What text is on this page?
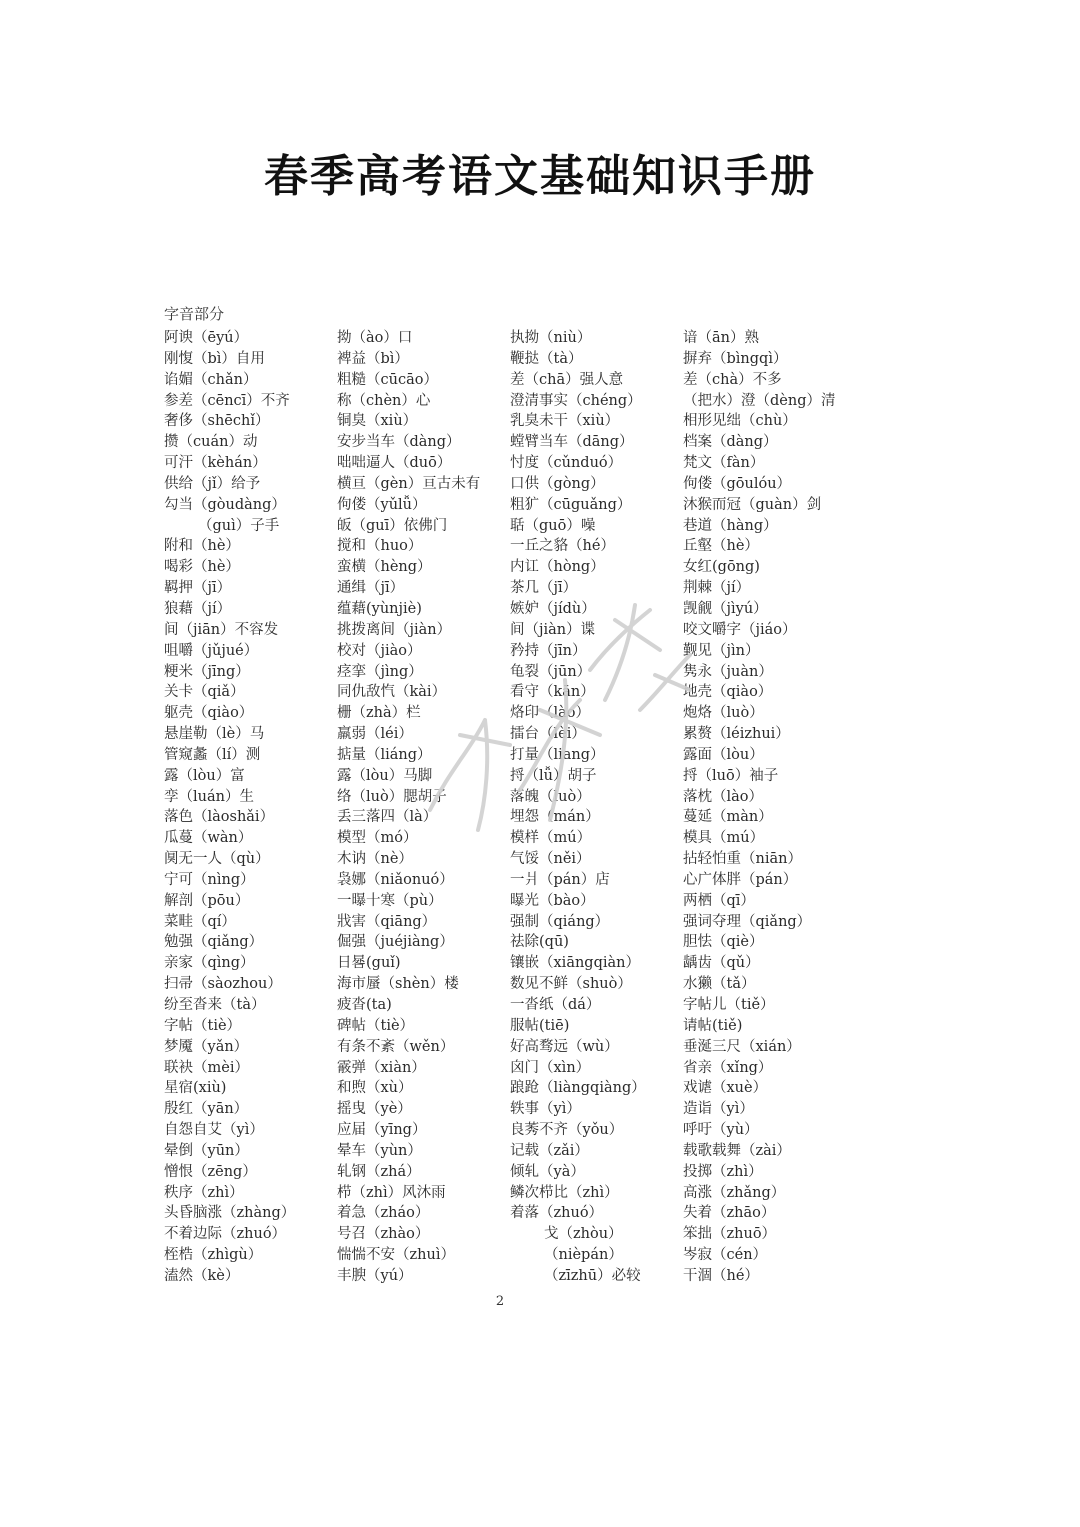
春季高考语文基础知识手册
字音部分
阿谀（ēyú）
刚愎（bì）自用
谄媚（chǎn）
参差（cēncī）不齐
奢侈（shēchǐ）
攒（cuán）动
可汗（kèhán）
供给（jǐ）给予
勾当（gòudàng）
（guì）子手
附和（hè）
喝彩（hè）
羁押（jī）
狼藉（jí）
间（jiān）不容发
咀嚼（jǔjué）
粳米（jīng）
关卡（qiǎ）
躯壳（qiào）
悬崖勒（lè）马
管窥蠡（lí）测
露（lòu）富
孪（luán）生
落色（làoshǎi）
瓜蔓（wàn）
阒无一人（qù）
宁可（nìng）
解剖（pōu）
菜畦（qí）
勉强（qiǎng）
亲家（qìng）
扫帚（sàozhou）
纷至沓来（tà）
字帖（tiè）
梦魇（yǎn）
联袂（mèi）
星宿(xiù)
殷红（yān）
自怨自艾（yì）
晕倒（yūn）
憎恨（zēng）
秩序（zhì）
头昏脑涨（zhàng）
不着边际（zhuó）
桎梏（zhìgù）
溘然（kè）
拗（ào）口
裨益（bì）
粗糙（cūcāo）
称（chèn）心
铜臭（xiù）
安步当车（dàng）
咄咄逼人（duō）
横亘（gèn）亘古未有
佝偻（yǔlǚ）
皈（guī）依佛门
搅和（huo）
蛮横（hèng）
通缉（jī）
蕴藉(yùnjiè)
挑拨离间（jiàn）
校对（jiào）
痉挛（jìng）
同仇敌忾（kài）
栅（zhà）栏
羸弱（léi）
掂量（liáng）
露（lòu）马脚
络（luò）腮胡子
丢三落四（là）
模型（mó）
木讷（nè）
袅娜（niǎonuó）
一曝十寒（pù）
戕害（qiāng）
倔强（juéjiàng）
日晷(guǐ)
海市蜃（shèn）楼
疲沓(ta)
碑帖（tiè）
有条不紊（wěn）
霰弹（xiàn）
和煦（xù）
摇曳（yè）
应届（yīng）
晕车（yùn）
轧钢（zhá）
栉（zhì）风沐雨
着急（zháo）
号召（zhào）
惴惴不安（zhuì）
丰腴（yú）
执拗（niù）
鞭挞（tà）
差（chā）强人意
澄清事实（chéng）
乳臭未干（xiù）
螳臂当车（dāng）
忖度（cǔnduó）
口供（gòng）
粗犷（cūguǎng）
聒（guō）噪
一丘之貉（hé）
内讧（hòng）
茶几（jī）
嫉妒（jídù）
间（jiàn）谍
矜持（jīn）
龟裂（jūn）
看守（kān）
烙印（lào）
擂台（lèi）
打量（liang）
捋（lǚ）胡子
落魄（luò）
埋怨（mán）
模样（mú）
气馁（něi）
一爿（pán）店
曝光（bào）
强制（qiáng）
祛除(qū)
镶嵌（xiāngqiàn）
数见不鲜（shuò）
一沓纸（dá）
服帖(tiē)
好高骛远（wù）
囟门（xìn）
踉跄（liàngqiàng）
轶事（yì）
良莠不齐（yǒu）
记载（zǎi）
倾轧（yà）
鳞次栉比（zhì）
着落（zhuó）
戈（zhòu）
（nièpán）
（zīzhū）必较
谙（ān）熟
摒弃（bìngqì）
差（chà）不多
（把水）澄（dèng）清
相形见绌（chù）
档案（dàng）
梵文（fàn）
佝偻（gōulóu）
沐猴而冠（guàn）剑
巷道（hàng）
丘壑（hè）
女红(gōng)
荆棘（jí）
觊觎（jìyú）
咬文嚼字（jiáo）
觐见（jìn）
隽永（juàn）
地壳（qiào）
炮烙（luò）
累赘（léizhui）
露面（lòu）
捋（luō）袖子
落枕（lào）
蔓延（màn）
模具（mú）
拈轻怕重（niān）
心广体胖（pán）
两栖（qī）
强词夺理（qiǎng）
胆怯（qiè）
龋齿（qǔ）
水獭（tǎ）
字帖儿（tiě）
请帖(tiě)
垂涎三尺（xián）
省亲（xǐng）
戏谑（xuè）
造诣（yì）
呼吁（yù）
载歌载舞（zài）
投掷（zhì）
高涨（zhǎng）
失着（zhāo）
笨拙（zhuō）
岑寂（cén）
干涸（hé）
2
